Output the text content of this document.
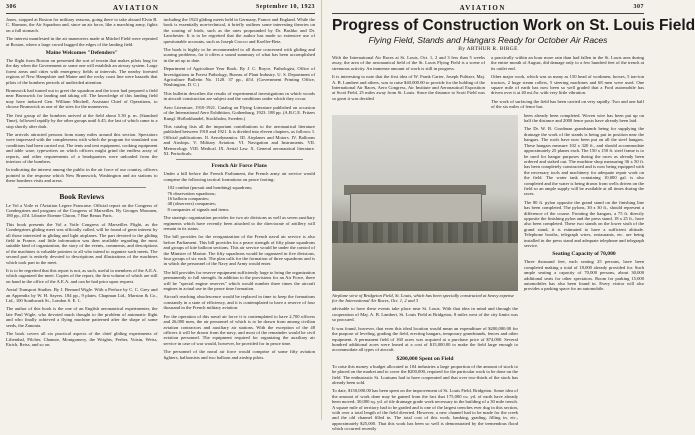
306	AVIATION	September 10, 1923

Jones, stopped at Boston for military reasons, going there to take aboard Elvin B. C. Harmon, the Air Squadron and, since an air force, like a marching army, fights on a full stomach.

The interest manifested in the air maneuvers made at Mitchel Field were repeated at Boston, where a large crowd hugged the edges of the landing field.

Maine Welcomes "Defenders"

The flight from Boston on presented the sort of terrain that makes pilots long for the day when the Government or some one will establish an airway system. Large forest areas and cities with emergency fields at intervals. The nearby forested regions of New Hampshire and Maine and the rocky coast line were hazards that pilots of the bombers periods of undivided attention.

Brunswick had turned out to greet the squadron and the town had prepared a field near Brunswick for landing and taking off. The knowledge of this landing field may have induced Gen. William Mitchell, Assistant Chief of Operations, to choose Brunswick as one of the sites for the maneuvers.

The first group of the bombers arrived at the field about 5.30 p. m. (Standard Time), followed rapidly by the other groups until 6.45, the last of which came to a stop shortly after dark.

The arrivals attracted persons from many miles around this section. Spectators were impressed with the completeness with which the program for simulated war conditions had been carried out. The tents and tent equipment, cooking equipment and table ware, typewriters on which officers might grind the endless array of reports, and other requirements of a headquarters were unloaded from the interiors of the bombers.

In indicating the interest among the public in the air force of our country, officers pointed to the response which New Brunswick, Washington and air stations to these bombers visits and areas.

Book Reviews

Le Vol a Voile et l'Aviation Legere Francaise. Official report on the Congress of Combegrines and program of the Congress of Marseilles. By Georges Mouraen, 180 pp., ill'd. Libraire Etienne Chiron, 7 Rue Beaux Paris.

This book presents the Vol a Voile Congress of Marseilles Flight, as the Combegrines gliding meet was officially called, will be found of great interest by all those interested in gliding and light airplanes. The part devoted to the gliding field in France, and little information was then available regarding the most suitable kind of organization, the story of the events, comments, and descriptions of the machines is valuable pointers to all who intend to organize such meets. The second part is entirely devoted to descriptions and illustrations of the machines which took part in the meet.

It is to be regretted that this report is not, as such, useful to members of the A.E.A. which organized the meet. Copies of the report, the first volume of which are still on hand in the office of the A.E.A. and can be had prior upon request.

Aerial Transport Studies. By J. Bernard Wigle. With a Preface by C. C. Grey and an Appendix by W. H. Sayers. 184 pp., 9 plates. Chapman Ltd., Marston & Co., Ltd., 100 Southwark St., London S. E. 1.

The author of this book is the one of an English aeronautical experimenter, the late Paul Wigle, who devoted much thought to the problem of automatic flight and who finally achieved a flying machine patterned after the shape of some seeds, the Zanonia.

The book covers all six practical aspects of the chief gliding experiments of Lilienthal, Pilcher, Chanute, Montgomery, the Wrights, Ferber, Voisin, Weiss, Etrich, Reiss, and so on.

including the 1923 gliding meets held in Germany, France and England. While the book is essentially non-technical, it briefly outlines some interesting theories on the soaring of birds, such as the ones propounded by Dr. Bashko and Dr. Lanchester. It is to be regretted that the author has made so extensive use of questionable accounts, such as Joseph Crocco and Koeller-Betz.

The book is highly to be recommended to all those concerned with gliding and soaring problems, for it offers a sound summary of what has been accomplished in the art up to date.

Department of Agriculture Year Book. By J. C. Boyce, Pathologist, Office of Investigations in Forest Pathology, Bureau of Plant Industry. U. S. Department of Agriculture Bulletin No. 1128. 37 pp., ill'd. (Government Printing Office, Washington, D. C.)

This bulletin describes the results of experimental investigations in which woods in aircraft construction are subject and the conditions under which they occur.

Aero Literature, 1910-1921. Catalog on Flying Literature published on occasion of the International Aero Exhibition, Gothenburg, 1923. 188 pp. (A.B.C.E. Fritzes Kungl. Hofbokhandel, Stockholm, Sweden.)

This catalog lists all the important contributions to the aeronautical literature published between 1910 and 1921. It is divided into eleven chapters, as follows: I. Official publications. II. Aerodynamics. III. Airplanes and Motors. IV. Balloons and Airships. V. Military Aviation. VI. Navigation and Instruments. VII. Meteorology. VIII. Medical. IX. Aerial Law. X. General aeronautical literature. XI. Periodicals.

French Air Force Plans

Under a bill before the French Parliament, the French army air service would comprise the following tactical formations on peace footing:

102 combat (pursuit and bombing) squadrons;
76 observation squadrons;
16 balloon companies;
48 (observers) companies;
8 companies of signals and items.

The strategic organization provides for two air divisions as well as seven auxiliary regiments which have recently been attached to the directorate of artillery will remain in its status.

The bill provides for the reorganization of the French naval air service is also before Parliament. This bill provides for a peace strength of fifty plane squadrons and groups of kite balloon sections. This air service would be under the control of the Minister of Marine. The fifty squadrons would be organized in five divisions, four groups of six each. The plan calls for the formation of three squadrons and is in which the personnel of the Navy and Army would enter.

The bill provides for reserve equipment sufficiently large to bring the organization permanently to full strength. In addition to the provisions for an Air Force, there will be "special engine reserves" which would number three times the aircraft engines in actual use in the peace time formation.

Aircraft reaching obsolescence would be replaced in time to keep the formations constantly in a state of efficiency, and it is contemplated to have a reserve of four thousand in the French military aviation.

For the operation of this naval air force it is contemplated to have 2,700 officers and 26,000 men, the air personnel of which is to be drawn from among civilian aviation contractors and auxiliary air stations. With the exception of the 48 officers it will be drawn from the navy, and most of the remainder would be civil aviation personnel. The equipment required for organizing the auxiliary air service in case of war would, however, be provided for in peace time.

The personnel of the naval air force would comprise of some fifty aviation fighters, balloonists and two balloon and airship pilots.

AVIATION	307
Progress of Construction Work on St. Louis Field
Flying Field, Stands and Hangars Ready for October Air Races
By ARTHUR R. BIRGE

With the International Air Races at St. Louis, Oct. 1, 2 and 3 less than 5 weeks away, the area of the aeronautical field of the St. Louis Flying Field is a scene of strenuous activity. An immense amount of work is still in progress.

It is interesting to note that the first idea of W. Frank Carter, Joseph Pulitzer, Maj. A. B. Lambert and others, was to raise $40,000.00 to provide for the holding of the International Air Races, Aero Congress, Air Institute and Aeronautical Exposition at Scott Field, 25 miles away from St. Louis. Since the distance to Scott Field was so great it was decided

a practically within an hour more rain than had fallen in the St. Louis area during the entire month of August, did damage only to a few hundred feet of the trench at its outlet end.

Other major work, which was as many as 150 head of workmen, horses, 5 ton-ton tractors, 2 huge steam rollers, 5 steering machines and 68 men were used. One square mile of earth has now been so well graded that a Ford automobile has driven over it at 40 mi./hr. with very little vibration.

The work of surfacing the field has been carried on very rapidly. Two and one half of the six miles of fence has

Airplane view of Bridgeton Field, St. Louis, which has been specially constructed at heavy expense for the International Air Races, Oct. 1, 2 and 3

advisable to have these events take place near St. Louis. With that idea in mind and through the cooperation of Maj. A. B. Lambert, St. Louis Field at Bridgeton, 8 miles west of the city limits was so procured.

It was found, however, that even this ideal location would mean an expenditure of $200,000.00 for the purpose of leveling, grading the field, erecting hangars, temporary grandstands, fences and other equipment. A permanent field of 160 acres was acquired at a purchase price of $74,000. Several hundred additional acres were leased at a cost of $15,000.00 to make the field large enough to accommodate all types of aircraft.

$200,000 Spent on Field

To raise this money a budget allocated to 104 industries a large proportion of the amount of stock to be placed on the market and to cover the $200,000, required for the particular work to be done on the field. The enthusiastic St. Louisans had to have cooperated and that over two-thirds of the stock has already been sold.

To date, $150,000.00 has been spent on the improvement of St. Louis Field, Bridgeton. Some idea of the amount of work done may be gained from the fact that 175,000 cu. yd. of earth have already been moved; 30,000 sq. yd. of tile drainage grade work necessary in the building of a 30 mile trench. A square mile of territory had to be graded and is one of the largest trenches ever dug in this section, with over a total length of the field diverted. However, a new channel had to be made for the creek and the old channel filled in. The total cost of this work, banking, grading, filling in, etc., approximately $25,000. That this work has been so well is demonstrated by the tremendous flood which occurred recently

been already been completed. Woven wire has been put up on half the distance and 2000 fence posts have already been laid.

The Dr. W. B. Goodman grandstands being for supplying the drainage the work of the stands is being put in position near the hangars. The roofs have now been put on all the steel hangars. These hangars measure 102 x 320 ft., and should accommodate approximately 25 planes each. The 150 x 150 ft. steel frame is to be used for hangar purposes during the races as already been ordered and staked out. The machine shop measuring 36 x 50 ft. has been completely constructed and is now being equipped with the necessary tools and machinery for adequate repair work on the field. The water tank containing 10,000 gal. is also completed and the water is being drawn from wells driven on the field so an ample supply will be available at all times during the races.

The 80 ft. pylon opposite the grand stand on the finishing line has been completed. The pylons, 30 x 30 ft., should represent a difference of the course. Fronting the hangars, a 75 ft. directly opposite the finishing pylon and the press stand, 18 x 25 ft., have also been completed. These two stands on the lower sixth of the grand stand, it is estimated to have a sufficient altitude. Telephone booths, telegraph wires, restaurants, etc. are being installed in the press stand and adequate telephone and telegraph service.

Seating Capacity of 70,000

Three thousand feet, each seating 25 persons, have been completed making a total of 18,000 already provided for. Such ample seating a capacity of 70,000 persons, about 30,000 additional seats for other spectators. Room for parking 15,000 automobiles has also been found in. Every visitor will also provides a parking space for an automobile.
